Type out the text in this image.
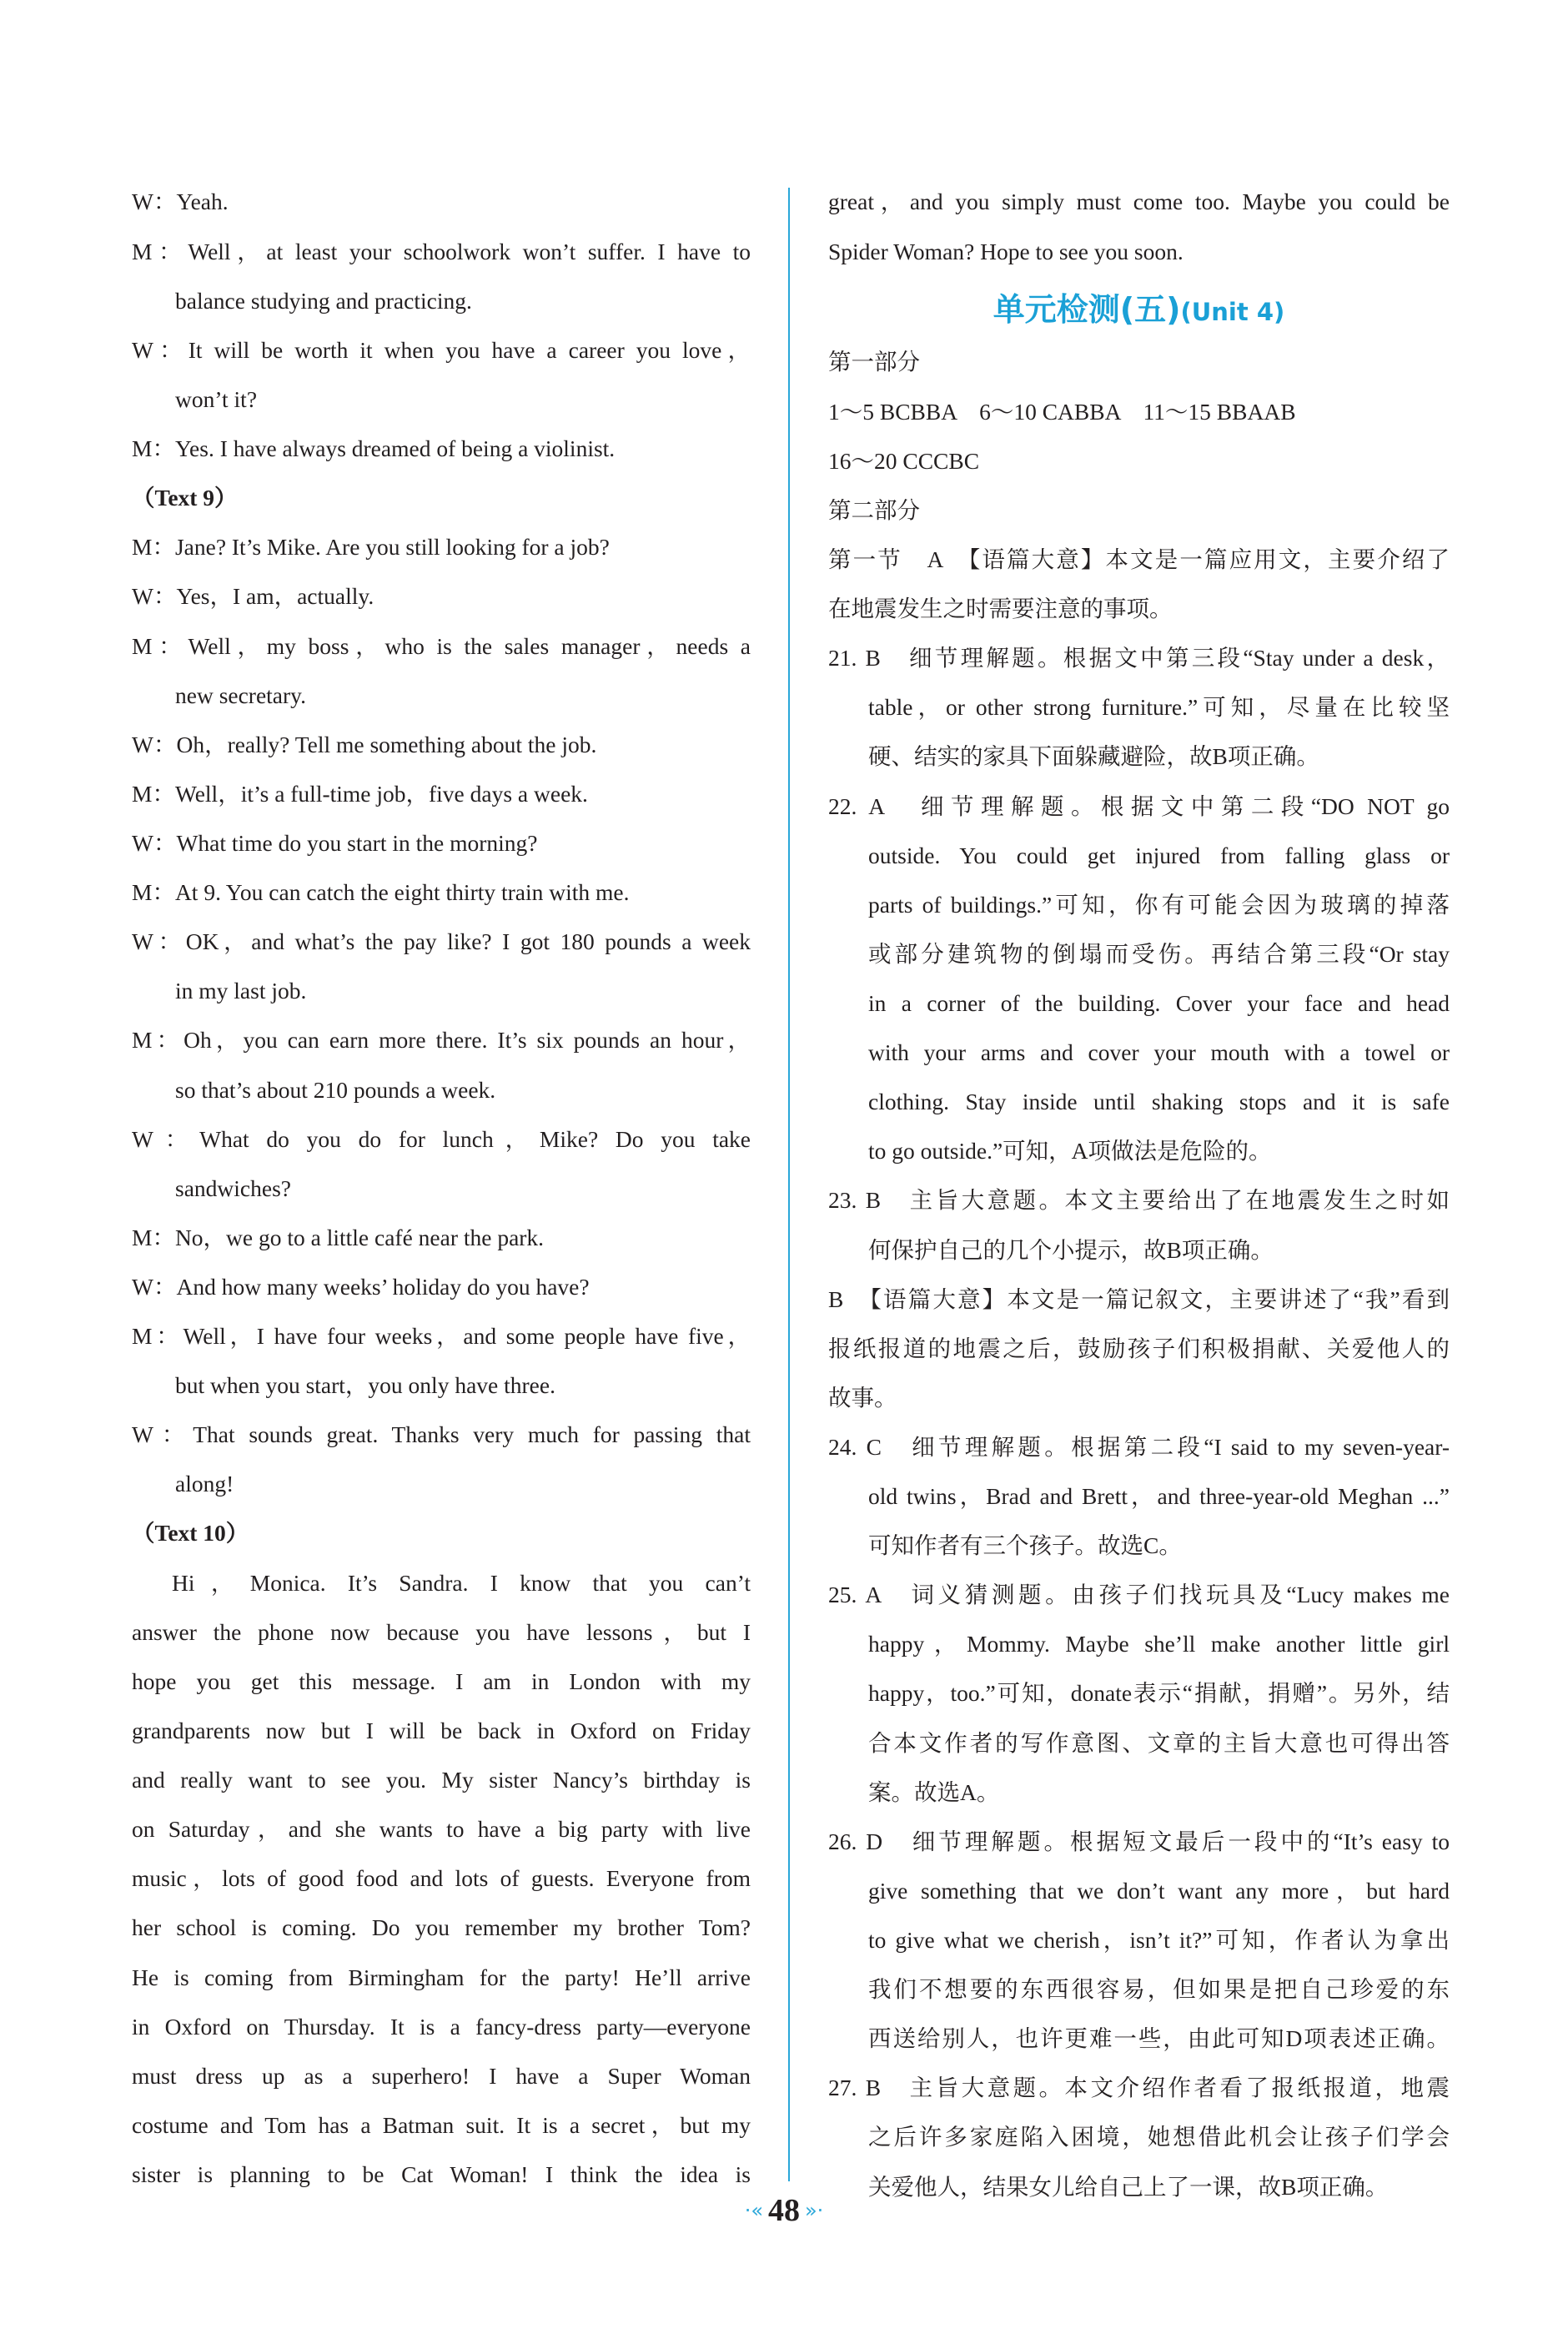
W：Yeah.
M：Well，at least your schoolwork won’t suffer. I have to
balance studying and practicing.
W：It will be worth it when you have a career you love，
won’t it?
M：Yes. I have always dreamed of being a violinist.
（Text 9）
M：Jane? It’s Mike. Are you still looking for a job?
W：Yes，I am，actually.
M：Well，my boss，who is the sales manager，needs a
new secretary.
W：Oh，really? Tell me something about the job.
M：Well，it’s a full-time job，five days a week.
W：What time do you start in the morning?
M：At 9. You can catch the eight thirty train with me.
W：OK，and what’s the pay like? I got 180 pounds a week
in my last job.
M：Oh，you can earn more there. It’s six pounds an hour，
so that’s about 210 pounds a week.
W：What do you do for lunch，Mike? Do you take
sandwiches?
M：No，we go to a little café near the park.
W：And how many weeks’ holiday do you have?
M：Well，I have four weeks，and some people have five，
but when you start，you only have three.
W：That sounds great. Thanks very much for passing that
along!
（Text 10）
Hi，Monica. It’s Sandra. I know that you can’t
answer the phone now because you have lessons，but I
hope you get this message. I am in London with my
grandparents now but I will be back in Oxford on Friday
and really want to see you. My sister Nancy’s birthday is
on Saturday，and she wants to have a big party with live
music，lots of good food and lots of guests. Everyone from
her school is coming. Do you remember my brother Tom?
He is coming from Birmingham for the party! He’ll arrive
in Oxford on Thursday. It is a fancy-dress party—everyone
must dress up as a superhero! I have a Super Woman
costume and Tom has a Batman suit. It is a secret，but my
sister is planning to be Cat Woman! I think the idea is
单元检测(五)(Unit 4)
great，and you simply must come too. Maybe you could be
Spider Woman? Hope to see you soon.
第一部分
1～5 BCBBA　6～10 CABBA　11～15 BBAAB
16～20 CCCBC
第二部分
第一节　A　【语篇大意】本文是一篇应用文，主要介绍了
在地震发生之时需要注意的事项。
21. B　细节理解题。根据文中第三段“Stay under a desk，
table，or other strong furniture.”可知，尽量在比较坚
硬、结实的家具下面躲藏避险，故B项正确。
22. A　细节理解题。根据文中第二段“DO NOT go
outside. You could get injured from falling glass or
parts of buildings.”可知，你有可能会因为玻璃的掉落
或部分建筑物的倒塌而受伤。再结合第三段“Or stay
in a corner of the building. Cover your face and head
with your arms and cover your mouth with a towel or
clothing. Stay inside until shaking stops and it is safe
to go outside.”可知，A项做法是危险的。
23. B　主旨大意题。本文主要给出了在地震发生之时如
何保护自己的几个小提示，故B项正确。
B　【语篇大意】本文是一篇记叙文，主要讲述了“我”看到
报纸报道的地震之后，鼓励孩子们积极捐献、关爱他人的
故事。
24. C　细节理解题。根据第二段“I said to my seven-year-
old twins，Brad and Brett，and three-year-old Meghan ...”
可知作者有三个孩子。故选C。
25. A　词义猜测题。由孩子们找玩具及“Lucy makes me
happy，Mommy. Maybe she’ll make another little girl
happy，too.”可知，donate表示“捐献，捐赠”。另外，结
合本文作者的写作意图、文章的主旨大意也可得出答
案。故选A。
26. D　细节理解题。根据短文最后一段中的“It’s easy to
give something that we don’t want any more，but hard
to give what we cherish，isn’t it?”可知，作者认为拿出
我们不想要的东西很容易，但如果是把自己珍爱的东
西送给别人，也许更难一些，由此可知D项表述正确。
27. B　主旨大意题。本文介绍作者看了报纸报道，地震
之后许多家庭陷入困境，她想借此机会让孩子们学会
关爱他人，结果女儿给自己上了一课，故B项正确。
·« 48 »·
